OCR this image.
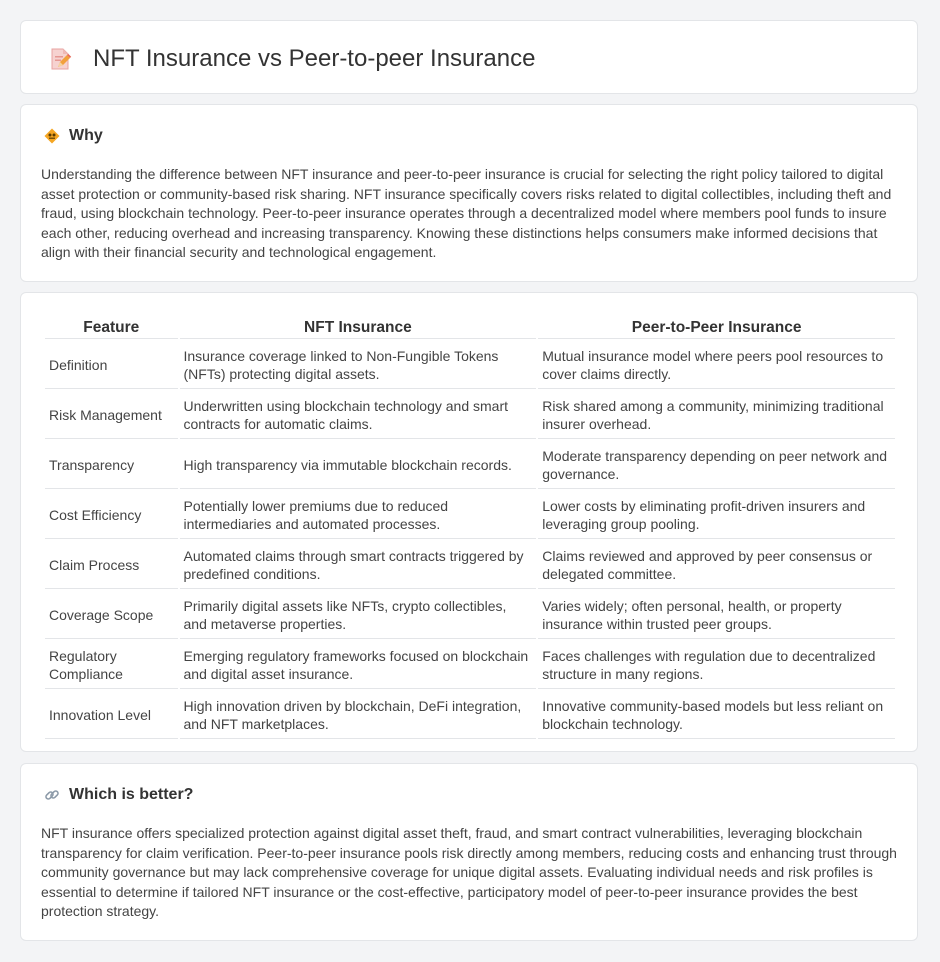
NFT Insurance vs Peer-to-peer Insurance
Why
Understanding the difference between NFT insurance and peer-to-peer insurance is crucial for selecting the right policy tailored to digital asset protection or community-based risk sharing. NFT insurance specifically covers risks related to digital collectibles, including theft and fraud, using blockchain technology. Peer-to-peer insurance operates through a decentralized model where members pool funds to insure each other, reducing overhead and increasing transparency. Knowing these distinctions helps consumers make informed decisions that align with their financial security and technological engagement.
Feature	NFT Insurance	Peer-to-Peer Insurance
Definition	Insurance coverage linked to Non-Fungible Tokens (NFTs) protecting digital assets.	Mutual insurance model where peers pool resources to cover claims directly.
Risk Management	Underwritten using blockchain technology and smart contracts for automatic claims.	Risk shared among a community, minimizing traditional insurer overhead.
Transparency	High transparency via immutable blockchain records.	Moderate transparency depending on peer network and governance.
Cost Efficiency	Potentially lower premiums due to reduced intermediaries and automated processes.	Lower costs by eliminating profit-driven insurers and leveraging group pooling.
Claim Process	Automated claims through smart contracts triggered by predefined conditions.	Claims reviewed and approved by peer consensus or delegated committee.
Coverage Scope	Primarily digital assets like NFTs, crypto collectibles, and metaverse properties.	Varies widely; often personal, health, or property insurance within trusted peer groups.
Regulatory Compliance	Emerging regulatory frameworks focused on blockchain and digital asset insurance.	Faces challenges with regulation due to decentralized structure in many regions.
Innovation Level	High innovation driven by blockchain, DeFi integration, and NFT marketplaces.	Innovative community-based models but less reliant on blockchain technology.
Which is better?
NFT insurance offers specialized protection against digital asset theft, fraud, and smart contract vulnerabilities, leveraging blockchain transparency for claim verification. Peer-to-peer insurance pools risk directly among members, reducing costs and enhancing trust through community governance but may lack comprehensive coverage for unique digital assets. Evaluating individual needs and risk profiles is essential to determine if tailored NFT insurance or the cost-effective, participatory model of peer-to-peer insurance provides the best protection strategy.
